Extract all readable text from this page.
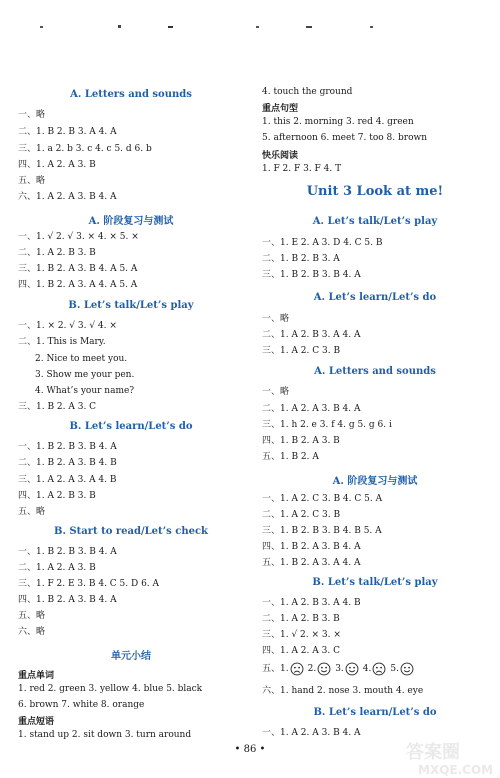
A. Letters and sounds
一、略
二、1. B 2. B 3. A 4. A
三、1. a 2. b 3. c 4. c 5. d 6. b
四、1. A 2. A 3. B
五、略
六、1. A 2. A 3. B 4. A
A. 阶段复习与测试
一、1. √ 2. √ 3. × 4. × 5. ×
二、1. A 2. B 3. B
三、1. B 2. A 3. B 4. A 5. A
四、1. B 2. A 3. A 4. A 5. A
B. Let’s talk/Let’s play
一、1. × 2. √ 3. √ 4. ×
二、1. This is Mary.
2. Nice to meet you.
3. Show me your pen.
4. What’s your name?
三、1. B 2. A 3. C
B. Let’s learn/Let’s do
一、1. B 2. B 3. B 4. A
二、1. B 2. A 3. B 4. B
三、1. A 2. A 3. A 4. B
四、1. A 2. B 3. B
五、略
B. Start to read/Let’s check
一、1. B 2. B 3. B 4. A
二、1. A 2. A 3. B
三、1. F 2. E 3. B 4. C 5. D 6. A
四、1. B 2. A 3. B 4. A
五、略
六、略
单元小结
重点单词
1. red 2. green 3. yellow 4. blue 5. black
6. brown 7. white 8. orange
重点短语
1. stand up 2. sit down 3. turn around
4. touch the ground
重点句型
1. this 2. morning 3. red 4. green
5. afternoon 6. meet 7. too 8. brown
快乐阅读
1. F 2. F 3. F 4. T
Unit 3 Look at me!
A. Let’s talk/Let’s play
一、1. E 2. A 3. D 4. C 5. B
二、1. B 2. B 3. A
三、1. B 2. B 3. B 4. A
A. Let’s learn/Let’s do
一、略
二、1. A 2. B 3. A 4. A
三、1. A 2. C 3. B
A. Letters and sounds
一、略
二、1. A 2. A 3. B 4. A
三、1. h 2. e 3. f 4. g 5. g 6. i
四、1. B 2. A 3. B
五、1. B 2. A
A. 阶段复习与测试
一、1. A 2. C 3. B 4. C 5. A
二、1. A 2. C 3. B
三、1. B 2. B 3. B 4. B 5. A
四、1. B 2. A 3. B 4. A
五、1. B 2. A 3. A 4. A
B. Let’s talk/Let’s play
一、1. A 2. B 3. A 4. B
二、1. A 2. B 3. B
三、1. √ 2. × 3. ×
四、1. A 2. A 3. C
五、1. 2. 3. 4. 5.
六、1. hand 2. nose 3. mouth 4. eye
B. Let’s learn/Let’s do
一、1. A 2. A 3. B 4. A
• 86 •	答案圈
MXQE.COM
